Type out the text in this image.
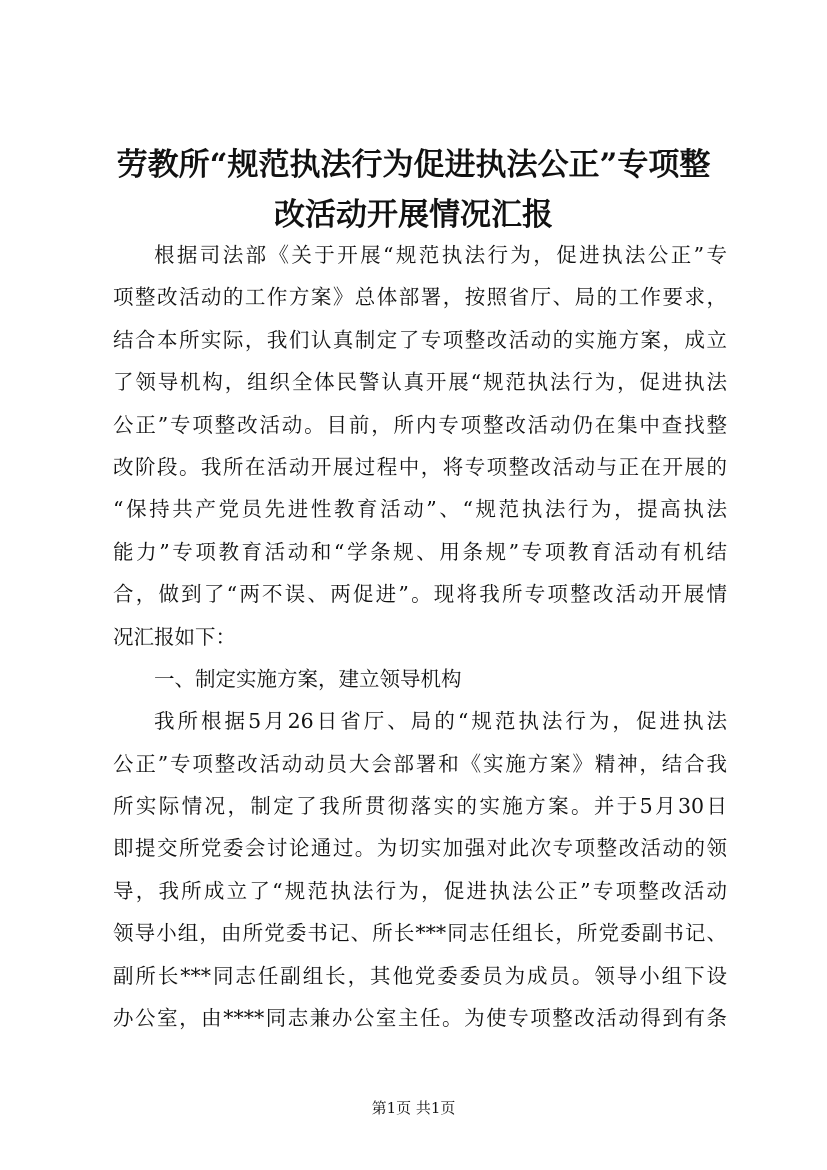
劳教所“规范执法行为促进执法公正”专项整
改活动开展情况汇报
根据司法部《关于开展“规范执法行为，促进执法公正”专
项整改活动的工作方案》总体部署，按照省厅、局的工作要求，
结合本所实际，我们认真制定了专项整改活动的实施方案，成立
了领导机构，组织全体民警认真开展“规范执法行为，促进执法
公正”专项整改活动。目前，所内专项整改活动仍在集中查找整
改阶段。我所在活动开展过程中，将专项整改活动与正在开展的
“保持共产党员先进性教育活动”、“规范执法行为，提高执法
能力”专项教育活动和“学条规、用条规”专项教育活动有机结
合，做到了“两不误、两促进”。现将我所专项整改活动开展情
况汇报如下：
一、制定实施方案，建立领导机构
我所根据5月26日省厅、局的“规范执法行为，促进执法
公正”专项整改活动动员大会部署和《实施方案》精神，结合我
所实际情况，制定了我所贯彻落实的实施方案。并于5月30日
即提交所党委会讨论通过。为切实加强对此次专项整改活动的领
导，我所成立了“规范执法行为，促进执法公正”专项整改活动
领导小组，由所党委书记、所长***同志任组长，所党委副书记、
副所长***同志任副组长，其他党委委员为成员。领导小组下设
办公室，由****同志兼办公室主任。为使专项整改活动得到有条
第1页 共1页
